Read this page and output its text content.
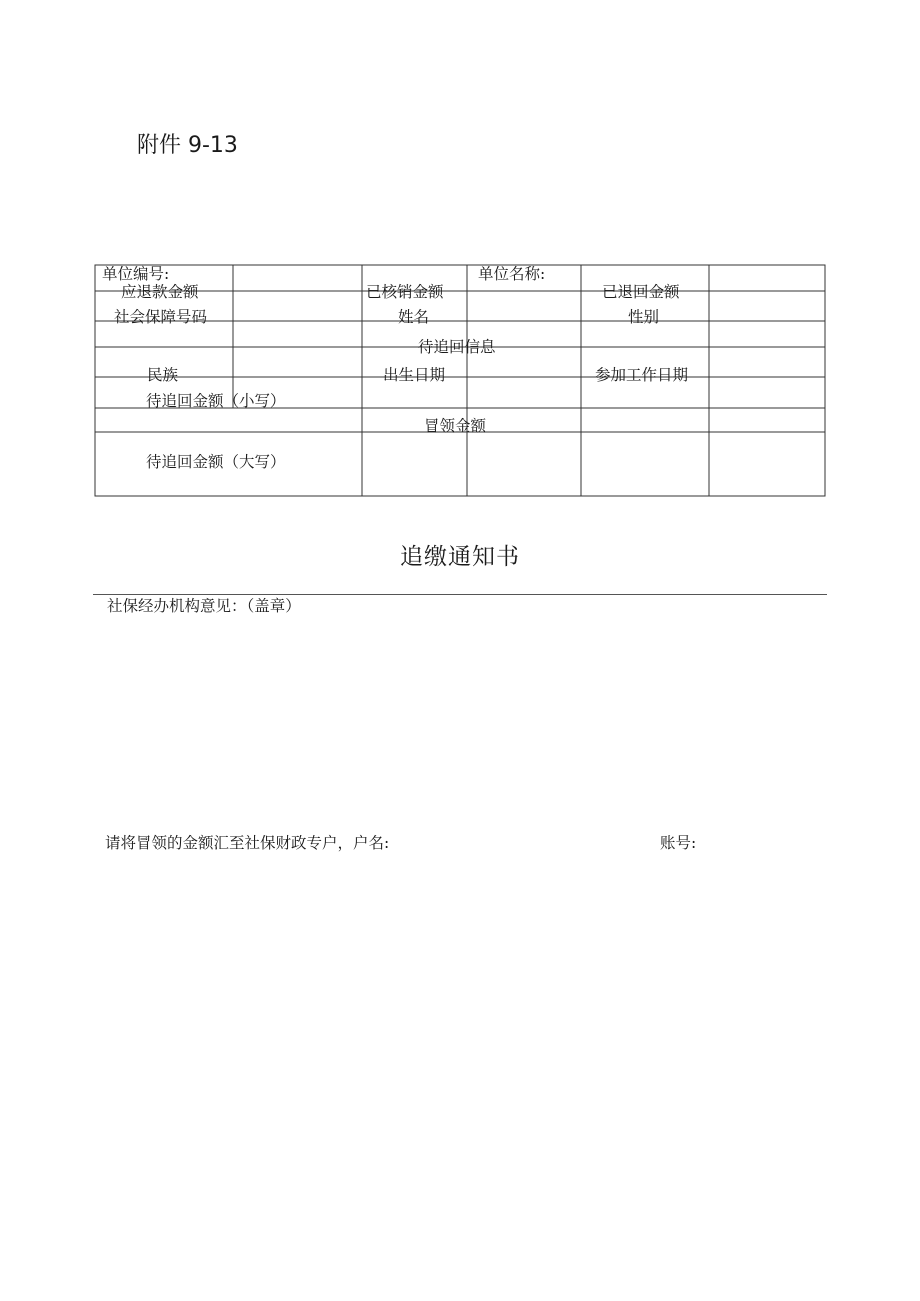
附件 9-13
单位编号:	单位名称:
应退款金额	已核销金额	已退回金额
社会保障号码	姓名	性别
待追回信息
民族	出生日期	参加工作日期
待追回金额（小写）
冒领金额
待追回金额（大写）
追缴通知书
社保经办机构意见：（盖章）
请将冒领的金额汇至社保财政专户，户名:	账号:
